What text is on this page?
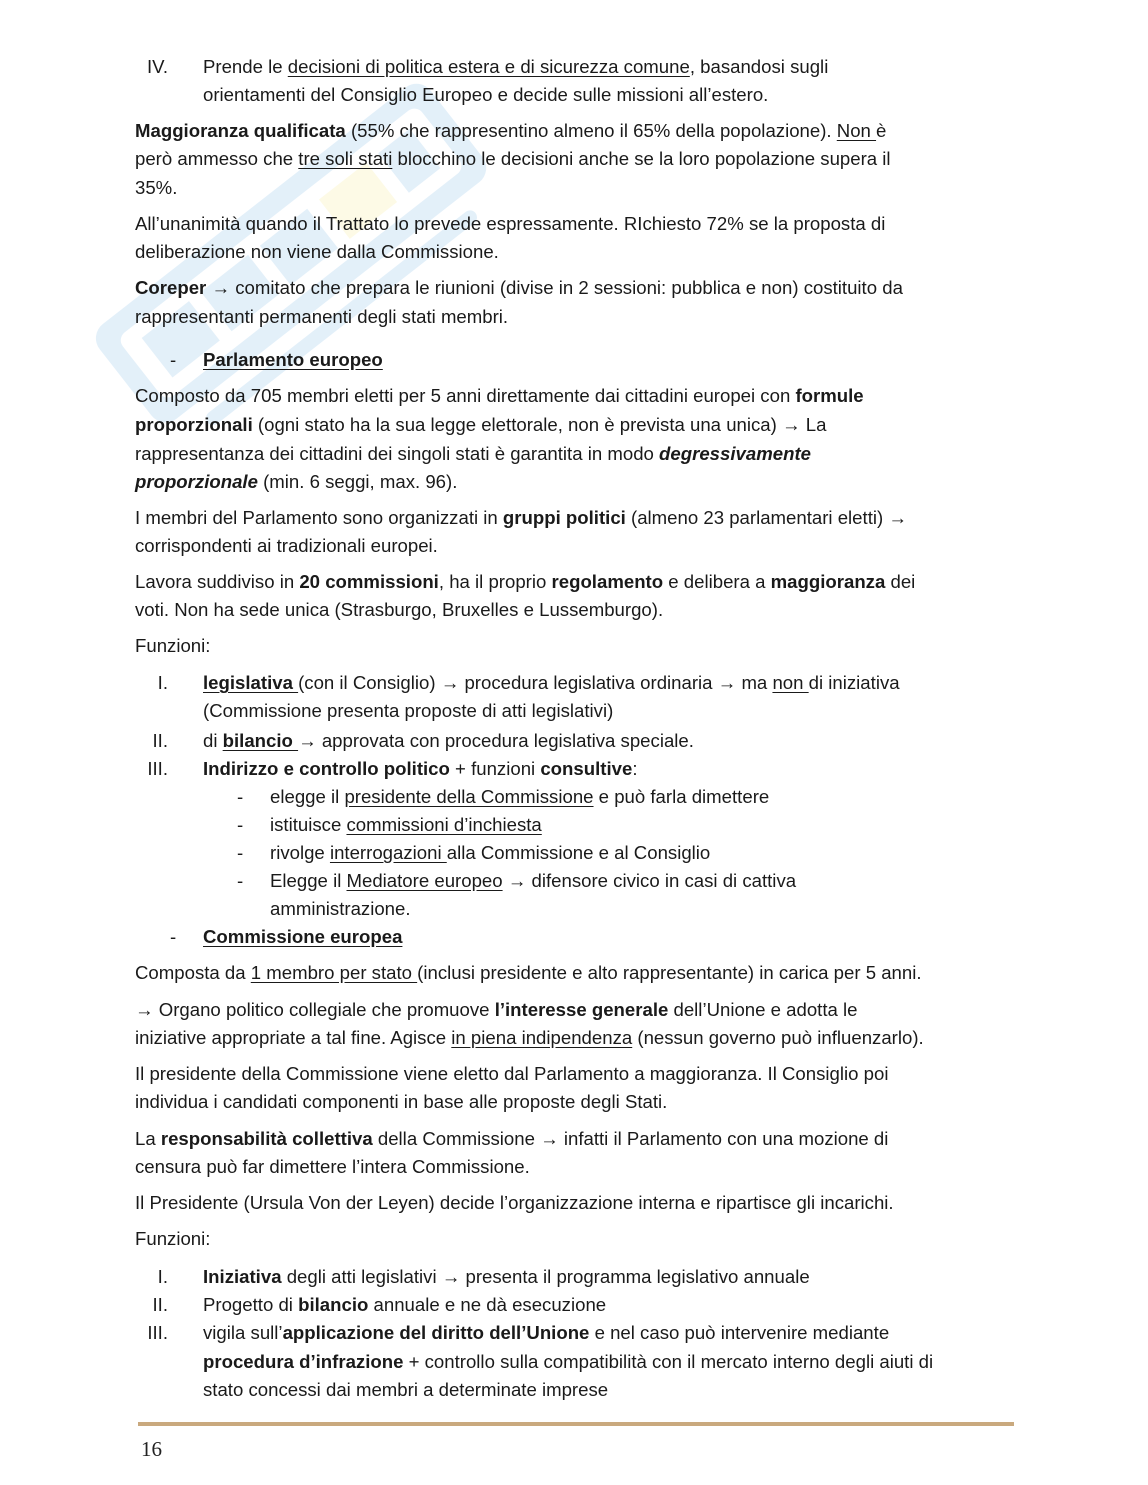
IV. Prende le decisioni di politica estera e di sicurezza comune, basandosi sugli
orientamenti del Consiglio Europeo e decide sulle missioni all’estero.
Maggioranza qualificata (55% che rappresentino almeno il 65% della popolazione). Non è
però ammesso che tre soli stati blocchino le decisioni anche se la loro popolazione supera il
35%.
All’unanimità quando il Trattato lo prevede espressamente. RIchiesto 72% se la proposta di
deliberazione non viene dalla Commissione.
Coreper → comitato che prepara le riunioni (divise in 2 sessioni: pubblica e non) costituito da
rappresentanti permanenti degli stati membri.
- Parlamento europeo
Composto da 705 membri eletti per 5 anni direttamente dai cittadini europei con formule
proporzionali (ogni stato ha la sua legge elettorale, non è prevista una unica) → La
rappresentanza dei cittadini dei singoli stati è garantita in modo degressivamente
proporzionale (min. 6 seggi, max. 96).
I membri del Parlamento sono organizzati in gruppi politici (almeno 23 parlamentari eletti) →
corrispondenti ai tradizionali europei.
Lavora suddiviso in 20 commissioni, ha il proprio regolamento e delibera a maggioranza dei
voti. Non ha sede unica (Strasburgo, Bruxelles e Lussemburgo).
Funzioni:
I. legislativa (con il Consiglio) → procedura legislativa ordinaria → ma non di iniziativa
(Commissione presenta proposte di atti legislativi)
II. di bilancio → approvata con procedura legislativa speciale.
III. Indirizzo e controllo politico + funzioni consultive:
- elegge il presidente della Commissione e può farla dimettere
- istituisce commissioni d’inchiesta
- rivolge interrogazioni alla Commissione e al Consiglio
- Elegge il Mediatore europeo → difensore civico in casi di cattiva
amministrazione.
- Commissione europea
Composta da 1 membro per stato (inclusi presidente e alto rappresentante) in carica per 5 anni.
→ Organo politico collegiale che promuove l’interesse generale dell’Unione e adotta le
iniziative appropriate a tal fine. Agisce in piena indipendenza (nessun governo può influenzarlo).
Il presidente della Commissione viene eletto dal Parlamento a maggioranza. Il Consiglio poi
individua i candidati componenti in base alle proposte degli Stati.
La responsabilità collettiva della Commissione → infatti il Parlamento con una mozione di
censura può far dimettere l’intera Commissione.
Il Presidente (Ursula Von der Leyen) decide l’organizzazione interna e ripartisce gli incarichi.
Funzioni:
I. Iniziativa degli atti legislativi → presenta il programma legislativo annuale
II. Progetto di bilancio annuale e ne dà esecuzione
III. vigila sull’applicazione del diritto dell’Unione e nel caso può intervenire mediante
procedura d’infrazione + controllo sulla compatibilità con il mercato interno degli aiuti di
stato concessi dai membri a determinate imprese
16
